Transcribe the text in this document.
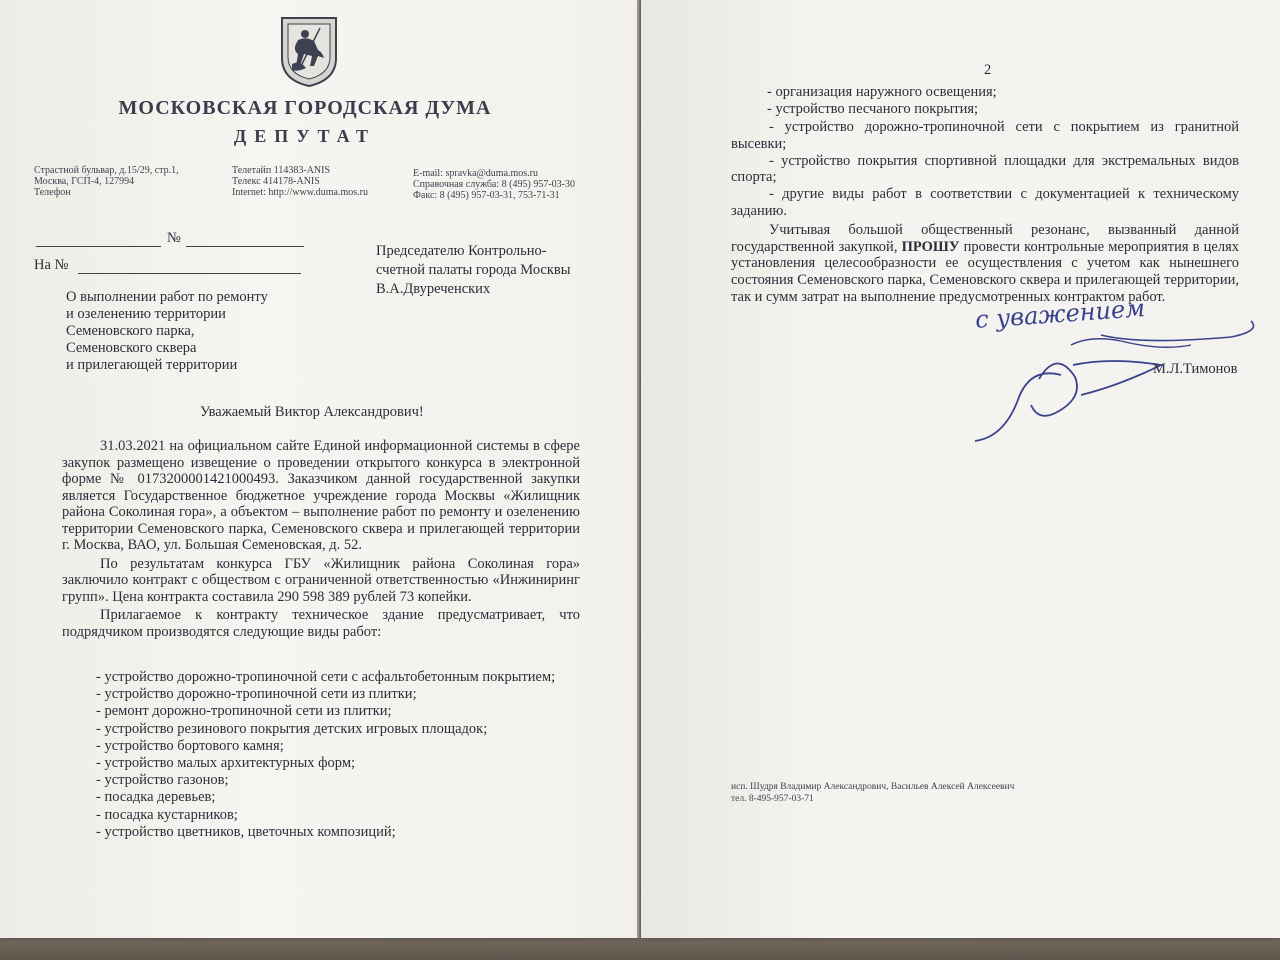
МОСКОВСКАЯ ГОРОДСКАЯ ДУМА
ДЕПУТАТ
Страстной бульвар, д.15/29, стр.1,
Москва, ГСП-4, 127994
Телефон
Телетайп 114383-ANIS
Телекс 414178-ANIS
Internet: http://www.duma.mos.ru
E-mail: spravka@duma.mos.ru
Справочная служба: 8 (495) 957-03-30
Факс: 8 (495) 957-03-31, 753-71-31
№
На №
Председателю Контрольно-
счетной палаты города Москвы
В.А.Двуреченских
О выполнении работ по ремонту
и озеленению территории
Семеновского парка,
Семеновского сквера
и прилегающей территории
Уважаемый Виктор Александрович!

31.03.2021 на официальном сайте Единой информационной системы в сфере закупок размещено извещение о проведении открытого конкурса в электронной форме № 0173200001421000493. Заказчиком данной государственной закупки является Государственное бюджетное учреждение города Москвы «Жилищник района Соколиная гора», а объектом – выполнение работ по ремонту и озеленению территории Семеновского парка, Семеновского сквера и прилегающей территории г. Москва, ВАО, ул. Большая Семеновская, д. 52.

По результатам конкурса ГБУ «Жилищник района Соколиная гора» заключило контракт с обществом с ограниченной ответственностью «Инжиниринг групп». Цена контракта составила 290 598 389 рублей 73 копейки.

Прилагаемое к контракту техническое здание предусматривает, что подрядчиком производятся следующие виды работ:

- устройство дорожно-тропиночной сети с асфальтобетонным покрытием;
- устройство дорожно-тропиночной сети из плитки;
- ремонт дорожно-тропиночной сети из плитки;
- устройство резинового покрытия детских игровых площадок;
- устройство бортового камня;
- устройство малых архитектурных форм;
- устройство газонов;
- посадка деревьев;
- посадка кустарников;
- устройство цветников, цветочных композиций;
2
- организация наружного освещения;
- устройство песчаного покрытия;

- устройство дорожно-тропиночной сети с покрытием из гранитной высевки;

- устройство покрытия спортивной площадки для экстремальных видов спорта;

- другие виды работ в соответствии с документацией к техническому заданию.

Учитывая большой общественный резонанс, вызванный данной государственной закупкой, ПРОШУ провести контрольные мероприятия в целях установления целесообразности ее осуществления с учетом как нынешнего состояния Семеновского парка, Семеновского сквера и прилегающей территории, так и сумм затрат на выполнение предусмотренных контрактом работ.

с уважением
М.Л.Тимонов
исп. Шудря Владимир Александрович, Васильев Алексей Алексеевич
тел. 8-495-957-03-71
